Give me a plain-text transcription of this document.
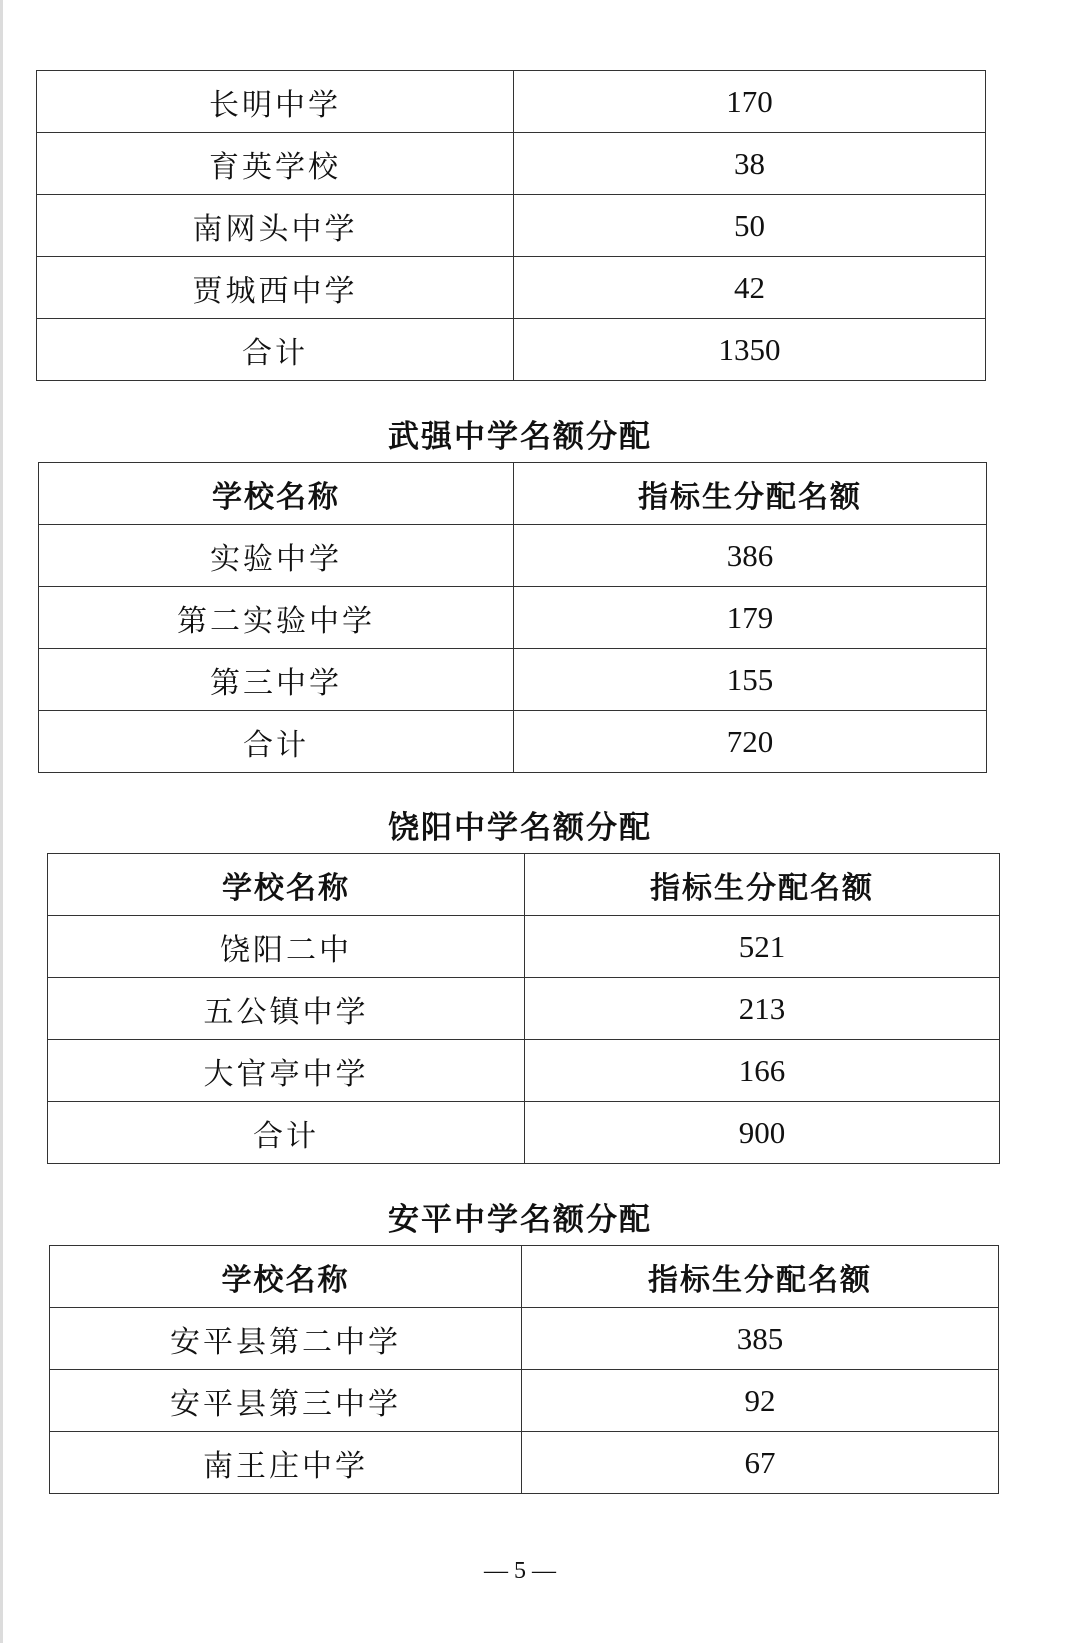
长明中学	170
育英学校	38
南网头中学	50
贾城西中学	42
合计	1350
武强中学名额分配
学校名称	指标生分配名额
实验中学	386
第二实验中学	179
第三中学	155
合计	720
饶阳中学名额分配
学校名称	指标生分配名额
饶阳二中	521
五公镇中学	213
大官亭中学	166
合计	900
安平中学名额分配
学校名称	指标生分配名额
安平县第二中学	385
安平县第三中学	92
南王庄中学	67
— 5 —
